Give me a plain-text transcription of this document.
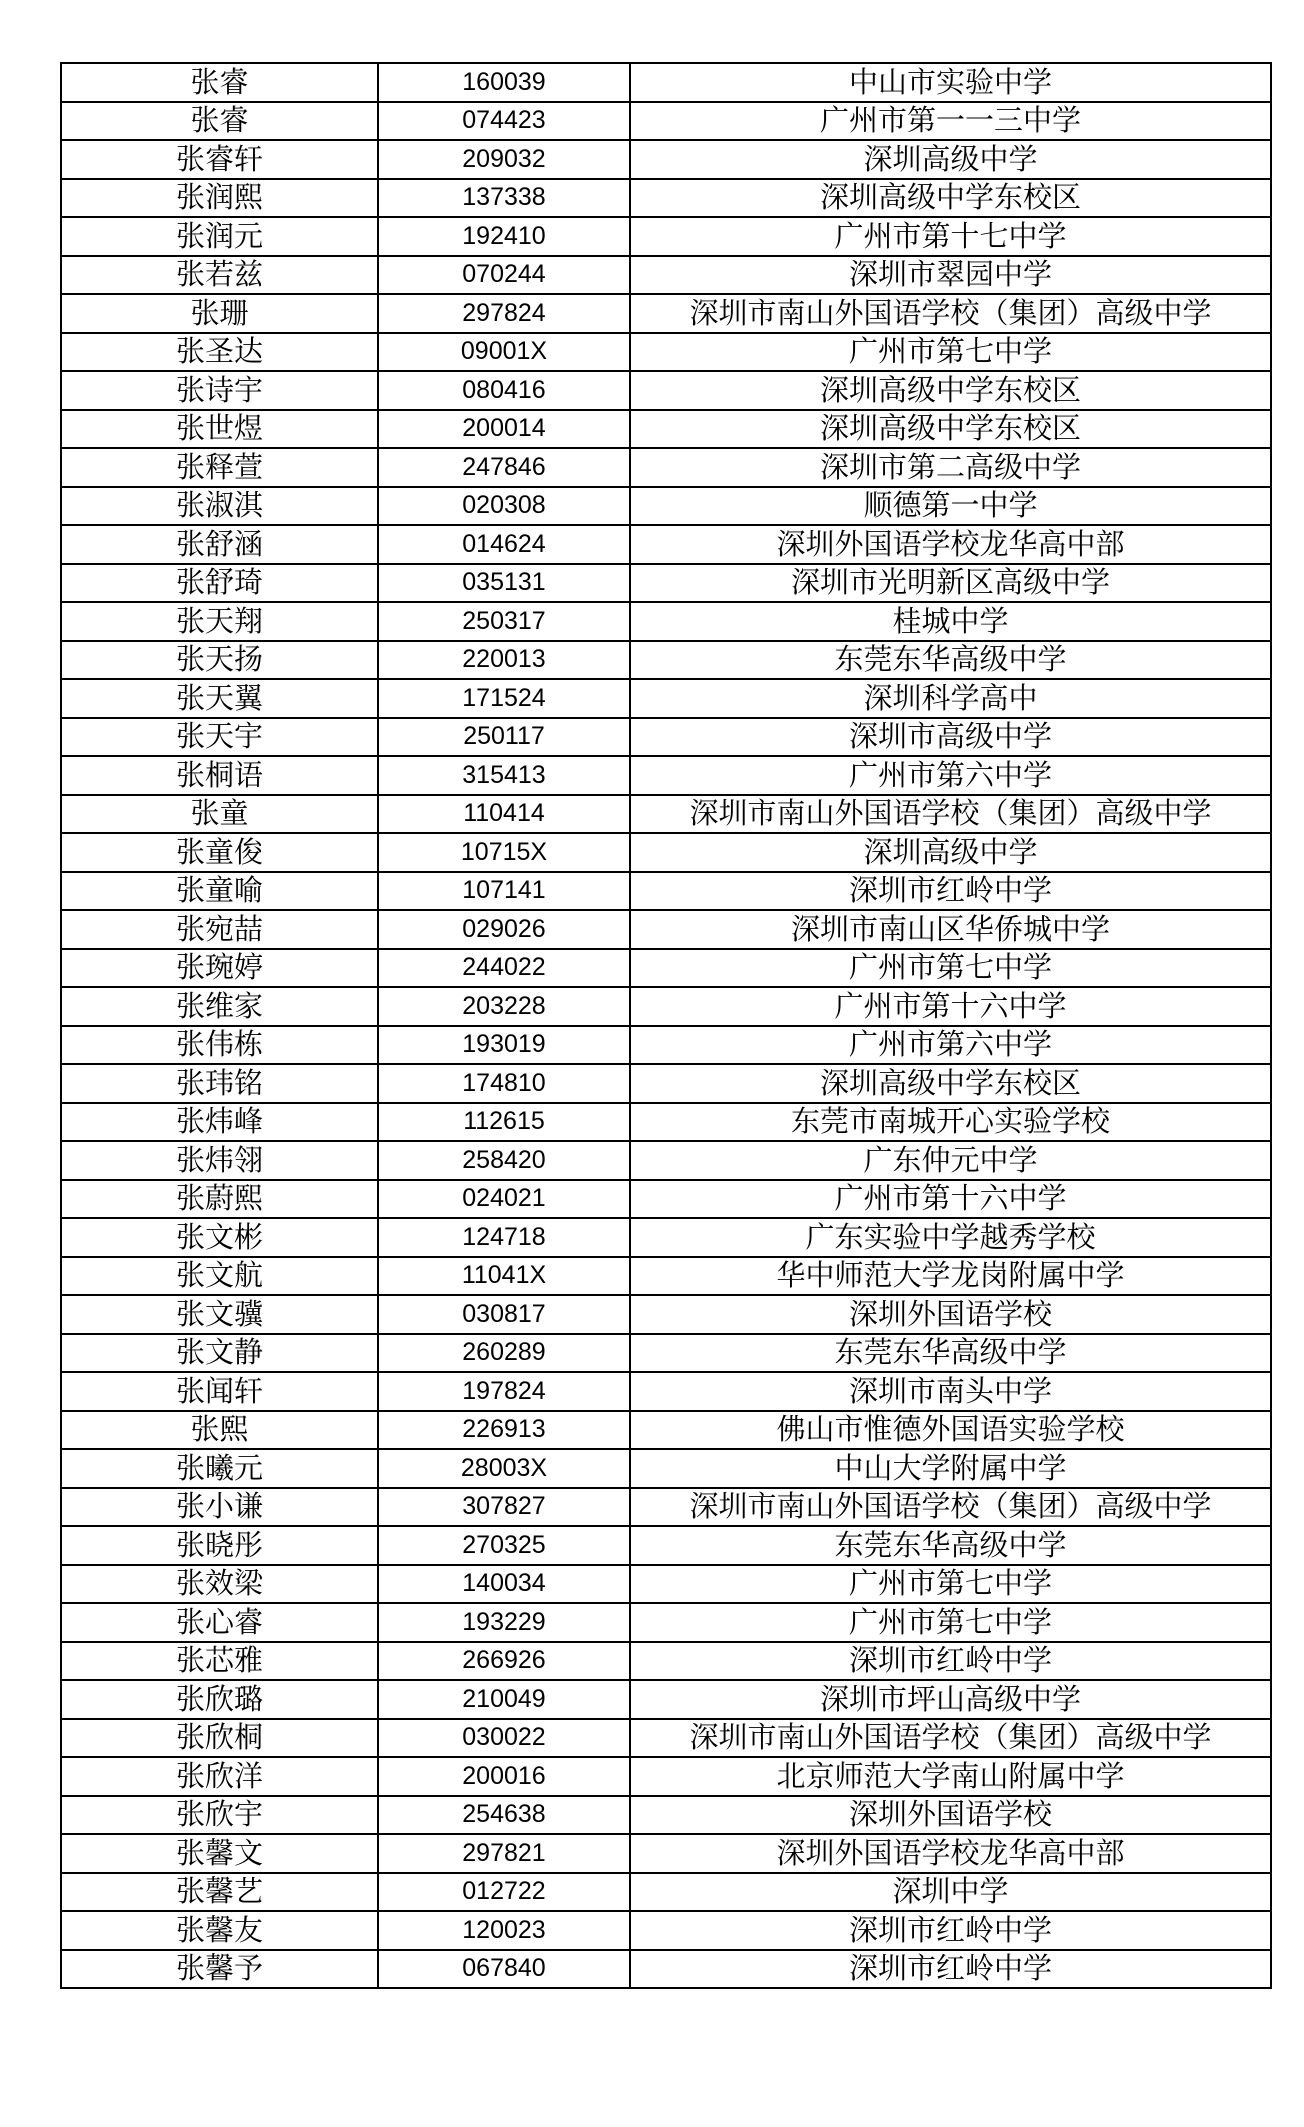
张睿	160039	中山市实验中学
张睿	074423	广州市第一一三中学
张睿轩	209032	深圳高级中学
张润熙	137338	深圳高级中学东校区
张润元	192410	广州市第十七中学
张若兹	070244	深圳市翠园中学
张珊	297824	深圳市南山外国语学校（集团）高级中学
张圣达	09001X	广州市第七中学
张诗宇	080416	深圳高级中学东校区
张世煜	200014	深圳高级中学东校区
张释萱	247846	深圳市第二高级中学
张淑淇	020308	顺德第一中学
张舒涵	014624	深圳外国语学校龙华高中部
张舒琦	035131	深圳市光明新区高级中学
张天翔	250317	桂城中学
张天扬	220013	东莞东华高级中学
张天翼	171524	深圳科学高中
张天宇	250117	深圳市高级中学
张桐语	315413	广州市第六中学
张童	110414	深圳市南山外国语学校（集团）高级中学
张童俊	10715X	深圳高级中学
张童喻	107141	深圳市红岭中学
张宛喆	029026	深圳市南山区华侨城中学
张琬婷	244022	广州市第七中学
张维家	203228	广州市第十六中学
张伟栋	193019	广州市第六中学
张玮铭	174810	深圳高级中学东校区
张炜峰	112615	东莞市南城开心实验学校
张炜翎	258420	广东仲元中学
张蔚熙	024021	广州市第十六中学
张文彬	124718	广东实验中学越秀学校
张文航	11041X	华中师范大学龙岗附属中学
张文骥	030817	深圳外国语学校
张文静	260289	东莞东华高级中学
张闻轩	197824	深圳市南头中学
张熙	226913	佛山市惟德外国语实验学校
张曦元	28003X	中山大学附属中学
张小谦	307827	深圳市南山外国语学校（集团）高级中学
张晓彤	270325	东莞东华高级中学
张效梁	140034	广州市第七中学
张心睿	193229	广州市第七中学
张芯雅	266926	深圳市红岭中学
张欣璐	210049	深圳市坪山高级中学
张欣桐	030022	深圳市南山外国语学校（集团）高级中学
张欣洋	200016	北京师范大学南山附属中学
张欣宇	254638	深圳外国语学校
张馨文	297821	深圳外国语学校龙华高中部
张馨艺	012722	深圳中学
张馨友	120023	深圳市红岭中学
张馨予	067840	深圳市红岭中学
